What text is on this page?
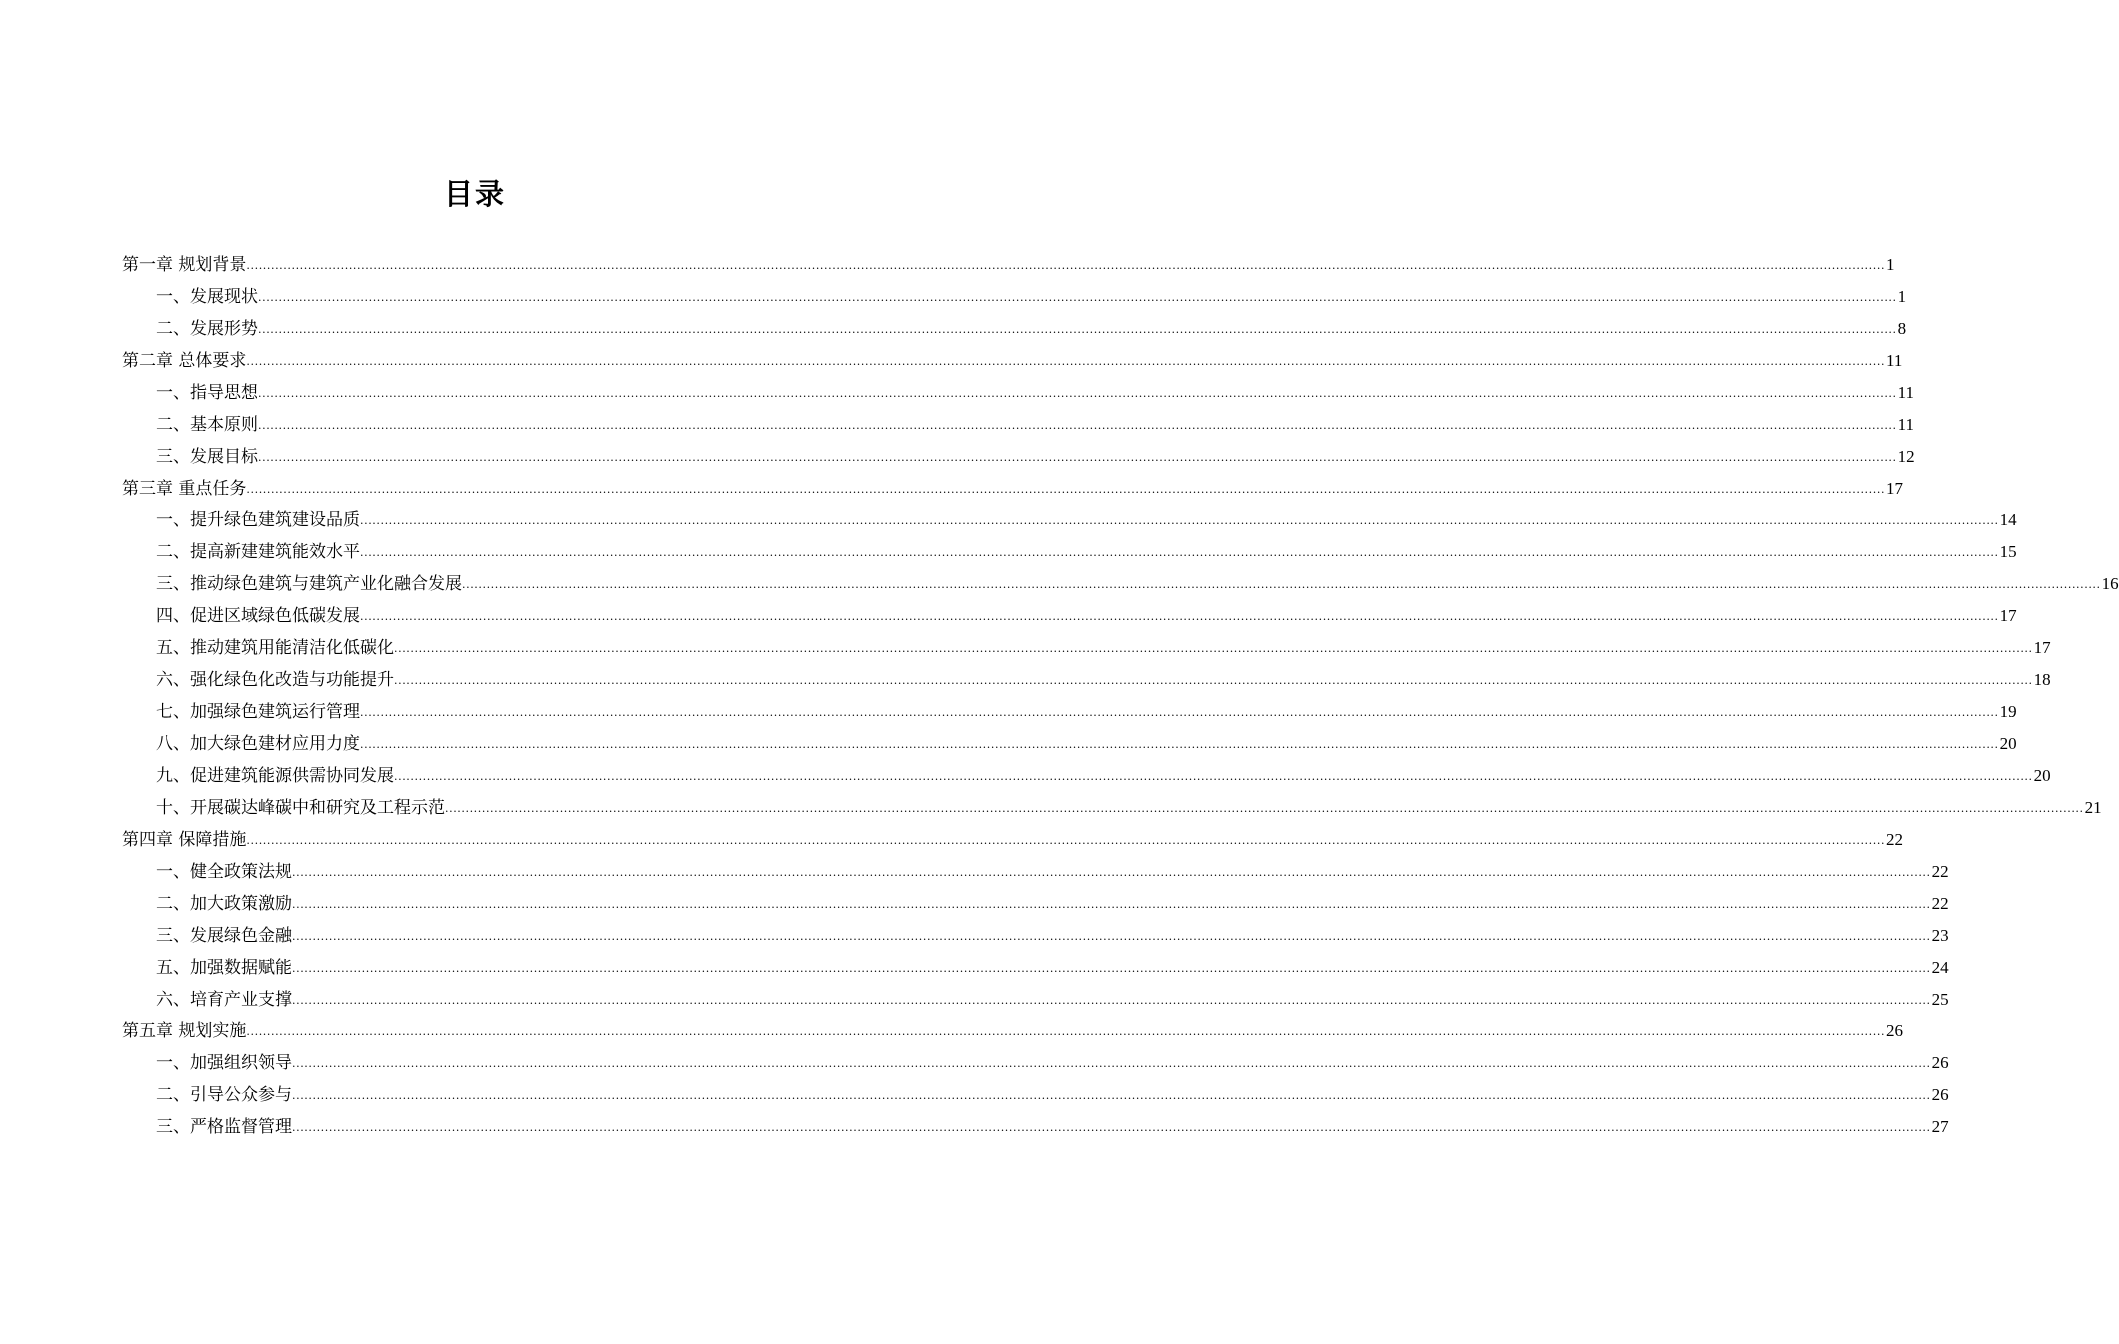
目录
第一章 规划背景 ................................................................................................................................................................................................................................................................................................................................................................................................................ 1
一、发展现状 ................................................................................................................................................................................................................................................................................................................................................................................................................ 1
二、发展形势 ................................................................................................................................................................................................................................................................................................................................................................................................................ 8
第二章 总体要求 ................................................................................................................................................................................................................................................................................................................................................................................................................ 11
一、指导思想 ................................................................................................................................................................................................................................................................................................................................................................................................................ 11
二、基本原则 ................................................................................................................................................................................................................................................................................................................................................................................................................ 11
三、发展目标 ................................................................................................................................................................................................................................................................................................................................................................................................................ 12
第三章 重点任务 ................................................................................................................................................................................................................................................................................................................................................................................................................ 17
一、提升绿色建筑建设品质 ................................................................................................................................................................................................................................................................................................................................................................................................................ 14
二、提高新建建筑能效水平 ................................................................................................................................................................................................................................................................................................................................................................................................................ 15
三、推动绿色建筑与建筑产业化融合发展 ................................................................................................................................................................................................................................................................................................................................................................................................................ 16
四、促进区域绿色低碳发展 ................................................................................................................................................................................................................................................................................................................................................................................................................ 17
五、推动建筑用能清洁化低碳化 ................................................................................................................................................................................................................................................................................................................................................................................................................ 17
六、强化绿色化改造与功能提升 ................................................................................................................................................................................................................................................................................................................................................................................................................ 18
七、加强绿色建筑运行管理 ................................................................................................................................................................................................................................................................................................................................................................................................................ 19
八、加大绿色建材应用力度 ................................................................................................................................................................................................................................................................................................................................................................................................................ 20
九、促进建筑能源供需协同发展 ................................................................................................................................................................................................................................................................................................................................................................................................................ 20
十、开展碳达峰碳中和研究及工程示范 ................................................................................................................................................................................................................................................................................................................................................................................................................ 21
第四章 保障措施 ................................................................................................................................................................................................................................................................................................................................................................................................................ 22
一、健全政策法规 ................................................................................................................................................................................................................................................................................................................................................................................................................ 22
二、加大政策激励 ................................................................................................................................................................................................................................................................................................................................................................................................................ 22
三、发展绿色金融 ................................................................................................................................................................................................................................................................................................................................................................................................................ 23
五、加强数据赋能 ................................................................................................................................................................................................................................................................................................................................................................................................................ 24
六、培育产业支撑 ................................................................................................................................................................................................................................................................................................................................................................................................................ 25
第五章 规划实施 ................................................................................................................................................................................................................................................................................................................................................................................................................ 26
一、加强组织领导 ................................................................................................................................................................................................................................................................................................................................................................................................................ 26
二、引导公众参与 ................................................................................................................................................................................................................................................................................................................................................................................................................ 26
三、严格监督管理 ................................................................................................................................................................................................................................................................................................................................................................................................................ 27
